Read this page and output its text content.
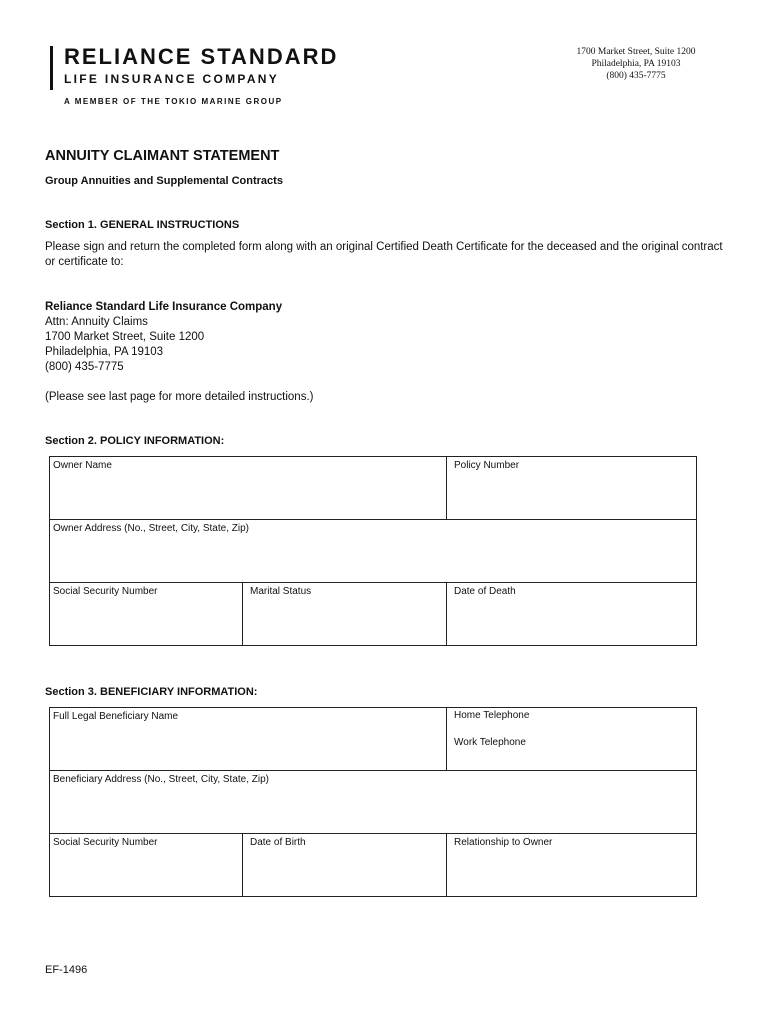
RELIANCE STANDARD
LIFE INSURANCE COMPANY
A MEMBER OF THE TOKIO MARINE GROUP
1700 Market Street, Suite 1200
Philadelphia, PA 19103
(800) 435-7775
ANNUITY CLAIMANT STATEMENT
Group Annuities and Supplemental Contracts
Section 1. GENERAL INSTRUCTIONS
Please sign and return the completed form along with an original Certified Death Certificate for the deceased and the original contract or certificate to:
Reliance Standard Life Insurance Company
Attn: Annuity Claims
1700 Market Street, Suite 1200
Philadelphia, PA 19103
(800) 435-7775
(Please see last page for more detailed instructions.)
Section 2. POLICY INFORMATION:
Owner Name	Policy Number
Owner Address (No., Street, City, State, Zip)
Social Security Number	Marital Status	Date of Death
Section 3. BENEFICIARY INFORMATION:
Full Legal Beneficiary Name	Home Telephone
Work Telephone
Beneficiary Address (No., Street, City, State, Zip)
Social Security Number	Date of Birth	Relationship to Owner
EF-1496
